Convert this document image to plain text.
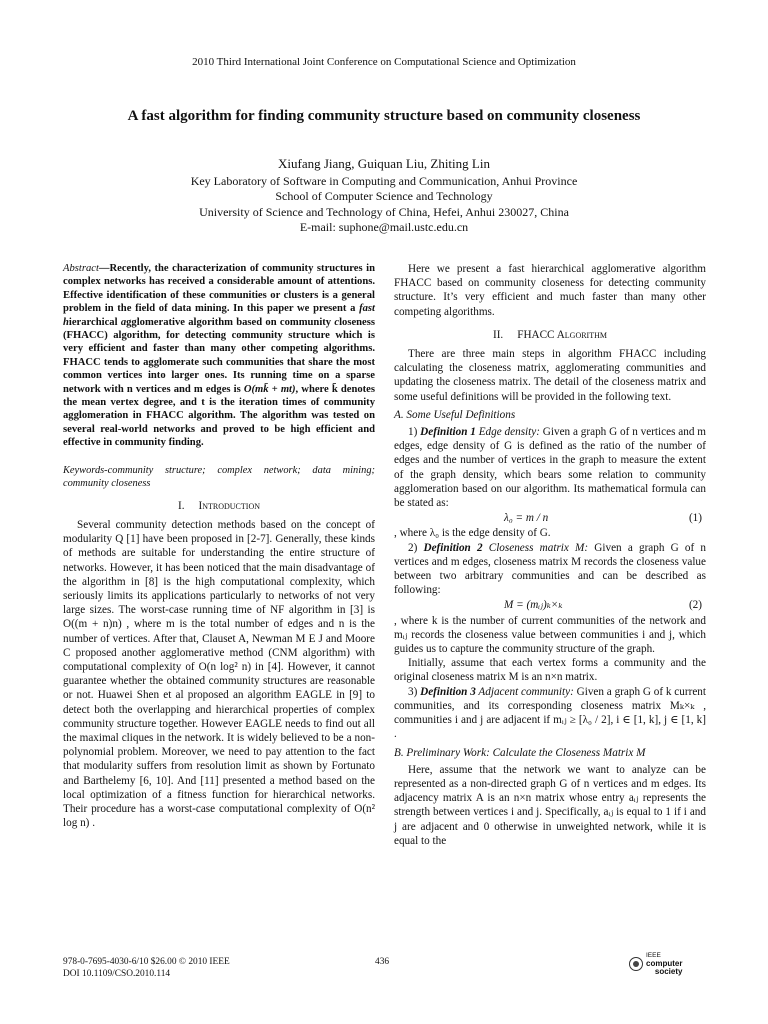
2010 Third International Joint Conference on Computational Science and Optimization
A fast algorithm for finding community structure based on community closeness
Xiufang Jiang, Guiquan Liu, Zhiting Lin
Key Laboratory of Software in Computing and Communication, Anhui Province
School of Computer Science and Technology
University of Science and Technology of China, Hefei, Anhui 230027, China
E-mail: suphone@mail.ustc.edu.cn

Abstract—Recently, the characterization of community structures in complex networks has received a considerable amount of attentions. Effective identification of these communities or clusters is a general problem in the field of data mining. In this paper we present a fast hierarchical agglomerative algorithm based on community closeness (FHACC) algorithm, for detecting community structure which is very efficient and faster than many other competing algorithms. FHACC tends to agglomerate such communities that share the most common vertices into larger ones. Its running time on a sparse network with n vertices and m edges is O(mk̄ + mt), where k̄ denotes the mean vertex degree, and t is the iteration times of community agglomeration in FHACC algorithm. The algorithm was tested on several real-world networks and proved to be high efficient and effective in community finding.

Keywords-community structure; complex network; data mining; community closeness

I. Introduction

Several community detection methods based on the concept of modularity Q [1] have been proposed in [2-7]. Generally, these kinds of methods are suitable for understanding the entire structure of networks. However, it has been noticed that the main disadvantage of the algorithm in [8] is the high computational complexity, which seriously limits its applications particularly to networks of not very large sizes. The worst-case running time of NF algorithm in [3] is O((m + n)n) , where m is the total number of edges and n is the number of vertices. After that, Clauset A, Newman M E J and Moore C proposed another agglomerative method (CNM algorithm) with computational complexity of O(n log² n) in [4]. However, it cannot guarantee whether the obtained community structures are reasonable or not. Huawei Shen et al proposed an algorithm EAGLE in [9] to detect both the overlapping and hierarchical properties of complex community structure together. However EAGLE needs to find out all the maximal cliques in the network. It is widely believed to be a non-polynomial problem. Moreover, we need to pay attention to the fact that modularity suffers from resolution limit as shown by Fortunato and Barthelemy [6, 10]. And [11] presented a method based on the local optimization of a fitness function for hierarchical networks. Their procedure has a worst-case computational complexity of O(n² log n) .

Here we present a fast hierarchical agglomerative algorithm FHACC based on community closeness for detecting community structure. It’s very efficient and much faster than many other competing algorithms.

II. FHACC Algorithm

There are three main steps in algorithm FHACC including calculating the closeness matrix, agglomerating communities and updating the closeness matrix. The detail of the closeness matrix and some useful definitions will be provided in the following text.

A. Some Useful Definitions

1) Definition 1 Edge density: Given a graph G of n vertices and m edges, edge density of G is defined as the ratio of the number of edges and the number of vertices in the graph to measure the extent of the graph density, which bears some relation to community agglomeration based on our algorithm. Its mathematical formula can be stated as:

λ₀ = m / n	(1)

, where λ₀ is the edge density of G.

2) Definition 2 Closeness matrix M: Given a graph G of n vertices and m edges, closeness matrix M records the closeness value between two arbitrary communities and can be described as following:

M = (mᵢⱼ)ₖ×ₖ	(2)

, where k is the number of current communities of the network and mᵢⱼ records the closeness value between communities i and j, which guides us to capture the community structure of the graph.

Initially, assume that each vertex forms a community and the original closeness matrix M is an n×n matrix.

3) Definition 3 Adjacent community: Given a graph G of k current communities, and its corresponding closeness matrix Mₖ×ₖ , communities i and j are adjacent if mᵢⱼ ≥ [λ₀ / 2], i ∈ [1, k], j ∈ [1, k] .

B. Preliminary Work: Calculate the Closeness Matrix M

Here, assume that the network we want to analyze can be represented as a non-directed graph G of n vertices and m edges. Its adjacency matrix A is an n×n matrix whose entry aᵢⱼ represents the strength between vertices i and j. Specifically, aᵢⱼ is equal to 1 if i and j are adjacent and 0 otherwise in unweighted network, while it is equal to the

978-0-7695-4030-6/10 $26.00 © 2010 IEEE
DOI 10.1109/CSO.2010.114
436
IEEE
computer
society
